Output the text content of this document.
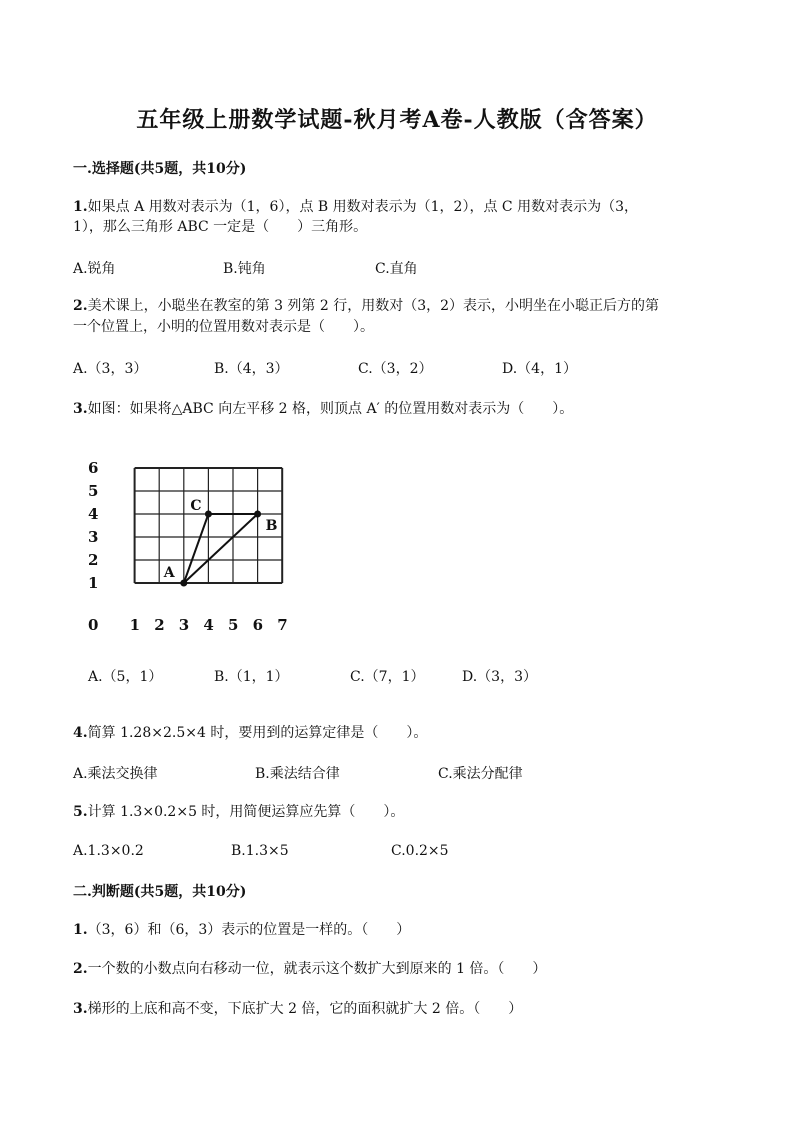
五年级上册数学试题-秋月考A卷-人教版（含答案）
一.选择题(共5题，共10分)
1.如果点 A 用数对表示为（1，6），点 B 用数对表示为（1，2），点 C 用数对表示为（3，
1），那么三角形 ABC 一定是（　　）三角形。
A.锐角	B.钝角	C.直角
2.美术课上，小聪坐在教室的第 3 列第 2 行，用数对（3，2）表示，小明坐在小聪正后方的第
一个位置上，小明的位置用数对表示是（　　）。
A.（3，3）	B.（4，3）	C.（3，2）	D.（4，1）
3.如图：如果将△ABC 向左平移 2 格，则顶点 A′ 的位置用数对表示为（　　）。
6
5
4
3
2
1
0 1 2 3 4 5 6 7
A
C
B
A.（5，1）	B.（1，1）	C.（7，1）	D.（3，3）
4.简算 1.28×2.5×4 时，要用到的运算定律是（　　）。
A.乘法交换律	B.乘法结合律	C.乘法分配律
5.计算 1.3×0.2×5 时，用简便运算应先算（　　）。
A.1.3×0.2	B.1.3×5	C.0.2×5
二.判断题(共5题，共10分)
1.（3，6）和（6，3）表示的位置是一样的。（　　）
2.一个数的小数点向右移动一位，就表示这个数扩大到原来的 1 倍。（　　）
3.梯形的上底和高不变，下底扩大 2 倍，它的面积就扩大 2 倍。（　　）
